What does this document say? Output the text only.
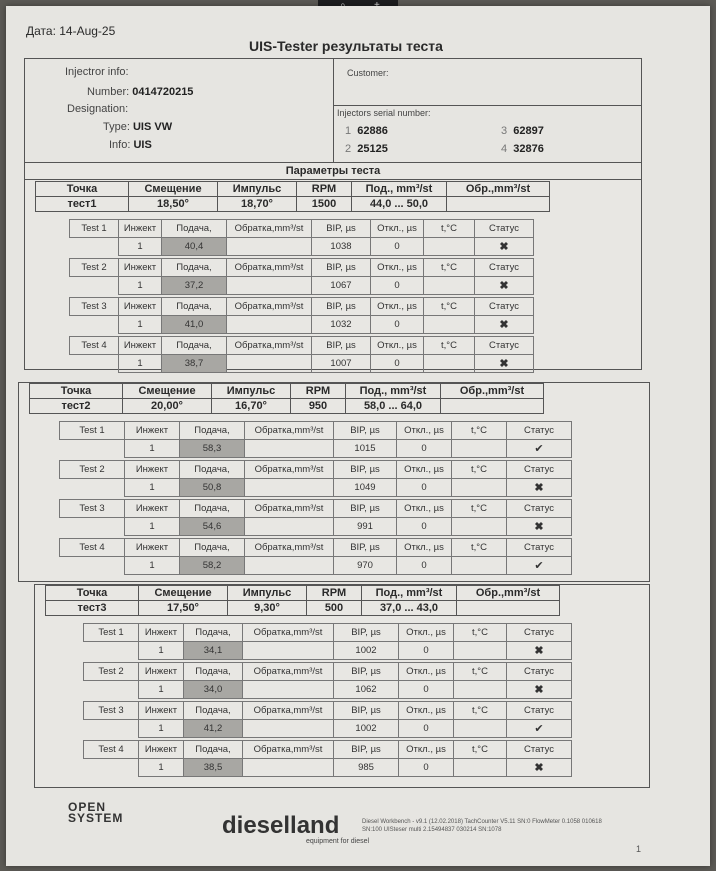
Дата: 14-Aug-25
UIS-Tester результаты теста
Injectror info:
Number: 0414720215
Designation:
Type: UIS VW
Info: UIS
Customer:
Injectors serial number:
1 62886	3 62897
2 25125	4 32876
Параметры теста
Точка	Смещение	Импульс	RPM	Под., mm³/st	Обр.,mm³/st
тест1	18,50°	18,70°	1500	44,0 ... 50,0	
Test 1	Инжект	Подача,	Обратка,mm³/st	BIP, µs	Откл., µs	t,°C	Статус
	1	40,4		1038	0		✖
Test 2	Инжект	Подача,	Обратка,mm³/st	BIP, µs	Откл., µs	t,°C	Статус
	1	37,2		1067	0		✖
Test 3	Инжект	Подача,	Обратка,mm³/st	BIP, µs	Откл., µs	t,°C	Статус
	1	41,0		1032	0		✖
Test 4	Инжект	Подача,	Обратка,mm³/st	BIP, µs	Откл., µs	t,°C	Статус
	1	38,7		1007	0		✖
Точка	Смещение	Импульс	RPM	Под., mm³/st	Обр.,mm³/st
тест2	20,00°	16,70°	950	58,0 ... 64,0	
Test 1	Инжект	Подача,	Обратка,mm³/st	BIP, µs	Откл., µs	t,°C	Статус
	1	58,3		1015	0		✔
Test 2	Инжект	Подача,	Обратка,mm³/st	BIP, µs	Откл., µs	t,°C	Статус
	1	50,8		1049	0		✖
Test 3	Инжект	Подача,	Обратка,mm³/st	BIP, µs	Откл., µs	t,°C	Статус
	1	54,6		991	0		✖
Test 4	Инжект	Подача,	Обратка,mm³/st	BIP, µs	Откл., µs	t,°C	Статус
	1	58,2		970	0		✔
Точка	Смещение	Импульс	RPM	Под., mm³/st	Обр.,mm³/st
тест3	17,50°	9,30°	500	37,0 ... 43,0	
Test 1	Инжект	Подача,	Обратка,mm³/st	BIP, µs	Откл., µs	t,°C	Статус
	1	34,1		1002	0		✖
Test 2	Инжект	Подача,	Обратка,mm³/st	BIP, µs	Откл., µs	t,°C	Статус
	1	34,0		1062	0		✖
Test 3	Инжект	Подача,	Обратка,mm³/st	BIP, µs	Откл., µs	t,°C	Статус
	1	41,2		1002	0		✔
Test 4	Инжект	Подача,	Обратка,mm³/st	BIP, µs	Откл., µs	t,°C	Статус
	1	38,5		985	0		✖
OPEN
SYSTEM	dieselland
equipment for diesel
Diesel Workbench - v9.1 (12.02.2018) TachCounter V5.11 SN:0 FlowMeter 0.1058 010618 SN:100 UISteser multi 2.15494837 030214 SN:1078
1
